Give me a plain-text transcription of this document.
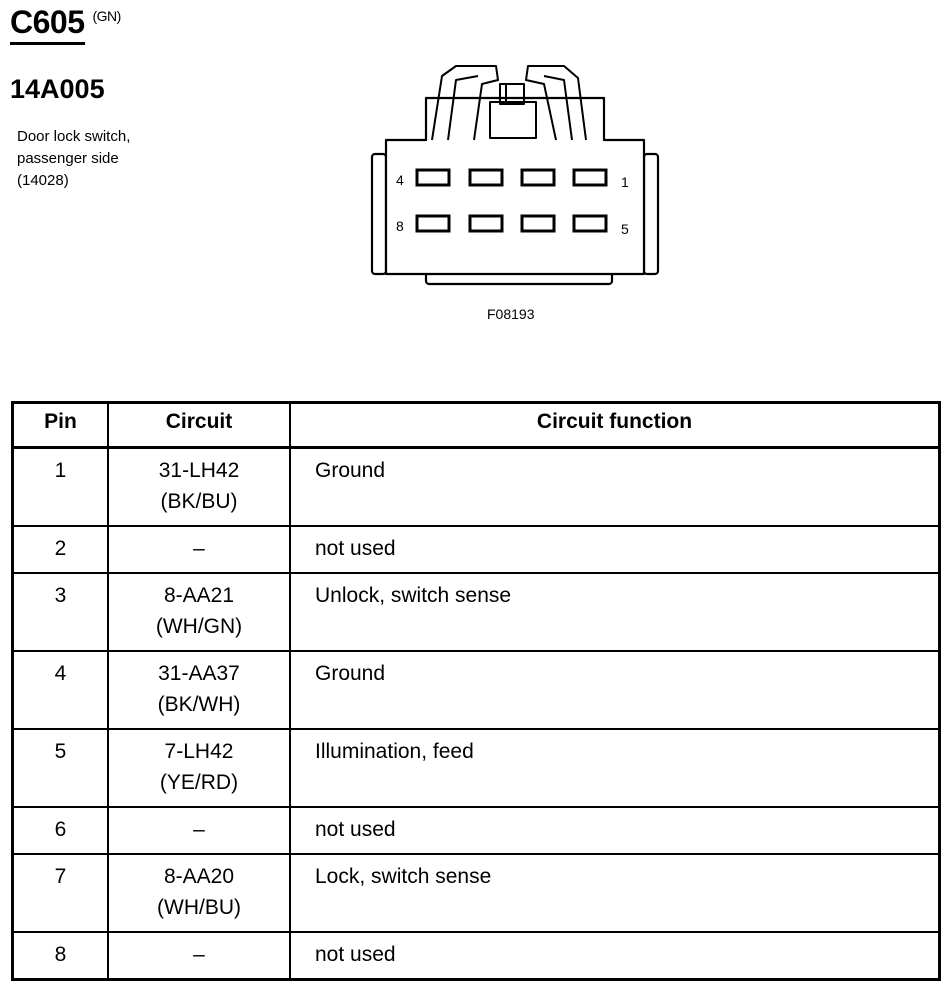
C605 $^{(GN)}$
14A005
Door lock switch,
passenger side
(14028)	4	1
8	5
F08193
Pin	Circuit	Circuit function
1	31-LH42
(BK/BU)	Ground
2	–	not used
3	8-AA21
(WH/GN)	Unlock, switch sense
4	31-AA37
(BK/WH)	Ground
5	7-LH42
(YE/RD)	Illumination, feed
6	–	not used
7	8-AA20
(WH/BU)	Lock, switch sense
8	–	not used
